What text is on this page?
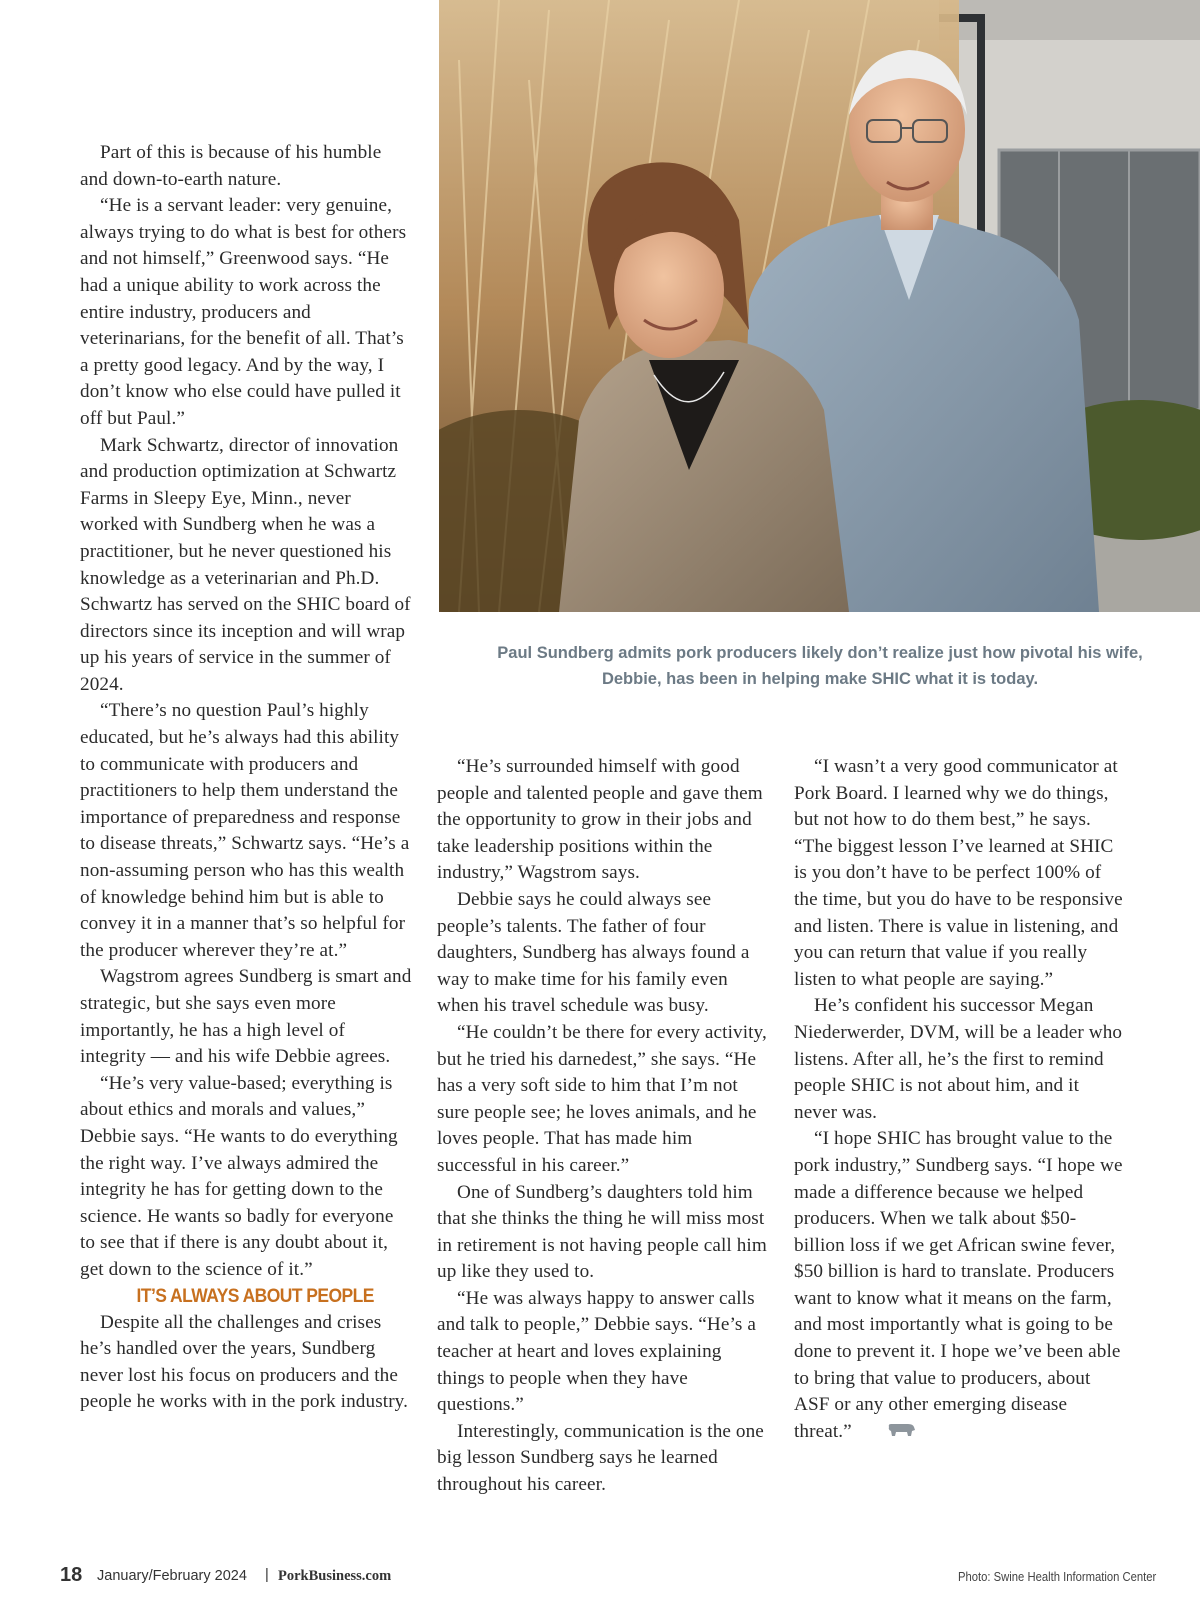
Paul Sundberg admits pork producers likely don’t realize just how pivotal his wife,
Debbie, has been in helping make SHIC what it is today.

Part of this is because of his humble and down-to-earth nature.

“He is a servant leader: very genuine, always trying to do what is best for others and not himself,” Greenwood says. “He had a unique ability to work across the entire industry, producers and veterinarians, for the benefit of all. That’s a pretty good legacy. And by the way, I don’t know who else could have pulled it off but Paul.”

Mark Schwartz, director of innovation and production optimization at Schwartz Farms in Sleepy Eye, Minn., never worked with Sundberg when he was a practitioner, but he never questioned his knowledge as a veterinarian and Ph.D. Schwartz has served on the SHIC board of directors since its inception and will wrap up his years of service in the summer of 2024.

“There’s no question Paul’s highly educated, but he’s always had this ability to communicate with producers and practitioners to help them understand the importance of preparedness and response to disease threats,” Schwartz says. “He’s a non-assuming person who has this wealth of knowledge behind him but is able to convey it in a manner that’s so helpful for the producer wherever they’re at.”

Wagstrom agrees Sundberg is smart and strategic, but she says even more importantly, he has a high level of integrity — and his wife Debbie agrees.

“He’s very value-based; everything is about ethics and morals and values,” Debbie says. “He wants to do everything the right way. I’ve always admired the integrity he has for getting down to the science. He wants so badly for everyone to see that if there is any doubt about it, get down to the science of it.”

IT’S ALWAYS ABOUT PEOPLE

Despite all the challenges and crises he’s handled over the years, Sundberg never lost his focus on producers and the people he works with in the pork industry.

“He’s surrounded himself with good people and talented people and gave them the opportunity to grow in their jobs and take leadership positions within the industry,” Wagstrom says.

Debbie says he could always see people’s talents. The father of four daughters, Sundberg has always found a way to make time for his family even when his travel schedule was busy.

“He couldn’t be there for every activity, but he tried his darnedest,” she says. “He has a very soft side to him that I’m not sure people see; he loves animals, and he loves people. That has made him successful in his career.”

One of Sundberg’s daughters told him that she thinks the thing he will miss most in retirement is not having people call him up like they used to.

“He was always happy to answer calls and talk to people,” Debbie says. “He’s a teacher at heart and loves explaining things to people when they have questions.”

Interestingly, communication is the one big lesson Sundberg says he learned throughout his career.

“I wasn’t a very good communicator at Pork Board. I learned why we do things, but not how to do them best,” he says. “The biggest lesson I’ve learned at SHIC is you don’t have to be perfect 100% of the time, but you do have to be responsive and listen. There is value in listening, and you can return that value if you really listen to what people are saying.”

He’s confident his successor Megan Niederwerder, DVM, will be a leader who listens. After all, he’s the first to remind people SHIC is not about him, and it never was.

“I hope SHIC has brought value to the pork industry,” Sundberg says. “I hope we made a difference because we helped producers. When we talk about $50-billion loss if we get African swine fever, $50 billion is hard to translate. Producers want to know what it means on the farm, and most importantly what is going to be done to prevent it. I hope we’ve been able to bring that value to producers, about ASF or any other emerging disease threat.”

18 January/February 2024 | PorkBusiness.com	Photo: Swine Health Information Center
